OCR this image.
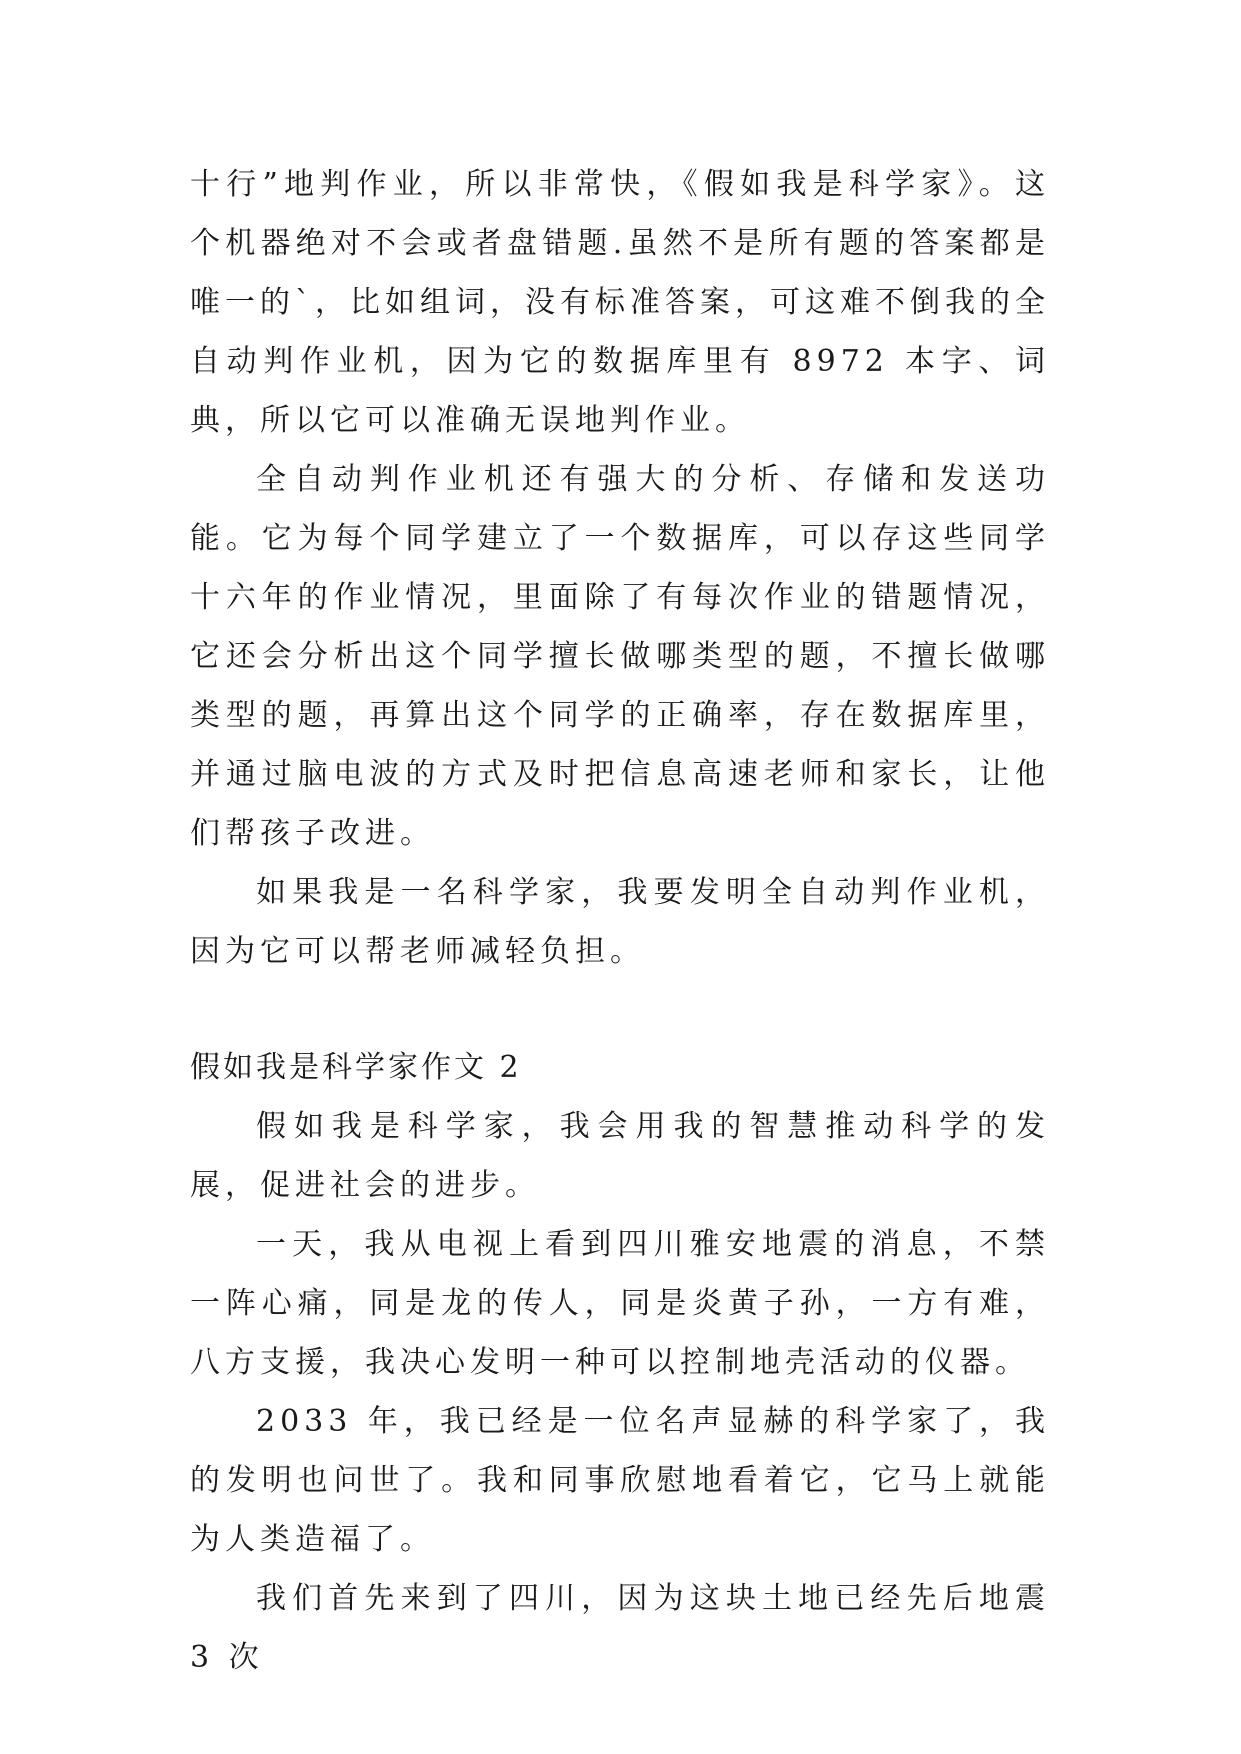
十行”地判作业，所以非常快，《假如我是科学家》。这个机器绝对不会或者盘错题.虽然不是所有题的答案都是唯一的`，比如组词，没有标准答案，可这难不倒我的全自动判作业机，因为它的数据库里有 8972 本字、词典，所以它可以准确无误地判作业。

全自动判作业机还有强大的分析、存储和发送功能。它为每个同学建立了一个数据库，可以存这些同学十六年的作业情况，里面除了有每次作业的错题情况，它还会分析出这个同学擅长做哪类型的题，不擅长做哪类型的题，再算出这个同学的正确率，存在数据库里，并通过脑电波的方式及时把信息高速老师和家长，让他们帮孩子改进。

如果我是一名科学家，我要发明全自动判作业机，因为它可以帮老师减轻负担。

假如我是科学家作文 2

假如我是科学家，我会用我的智慧推动科学的发展，促进社会的进步。

一天，我从电视上看到四川雅安地震的消息，不禁一阵心痛，同是龙的传人，同是炎黄子孙，一方有难，八方支援，我决心发明一种可以控制地壳活动的仪器。

2033 年，我已经是一位名声显赫的科学家了，我的发明也问世了。我和同事欣慰地看着它，它马上就能为人类造福了。

我们首先来到了四川，因为这块土地已经先后地震 3 次
